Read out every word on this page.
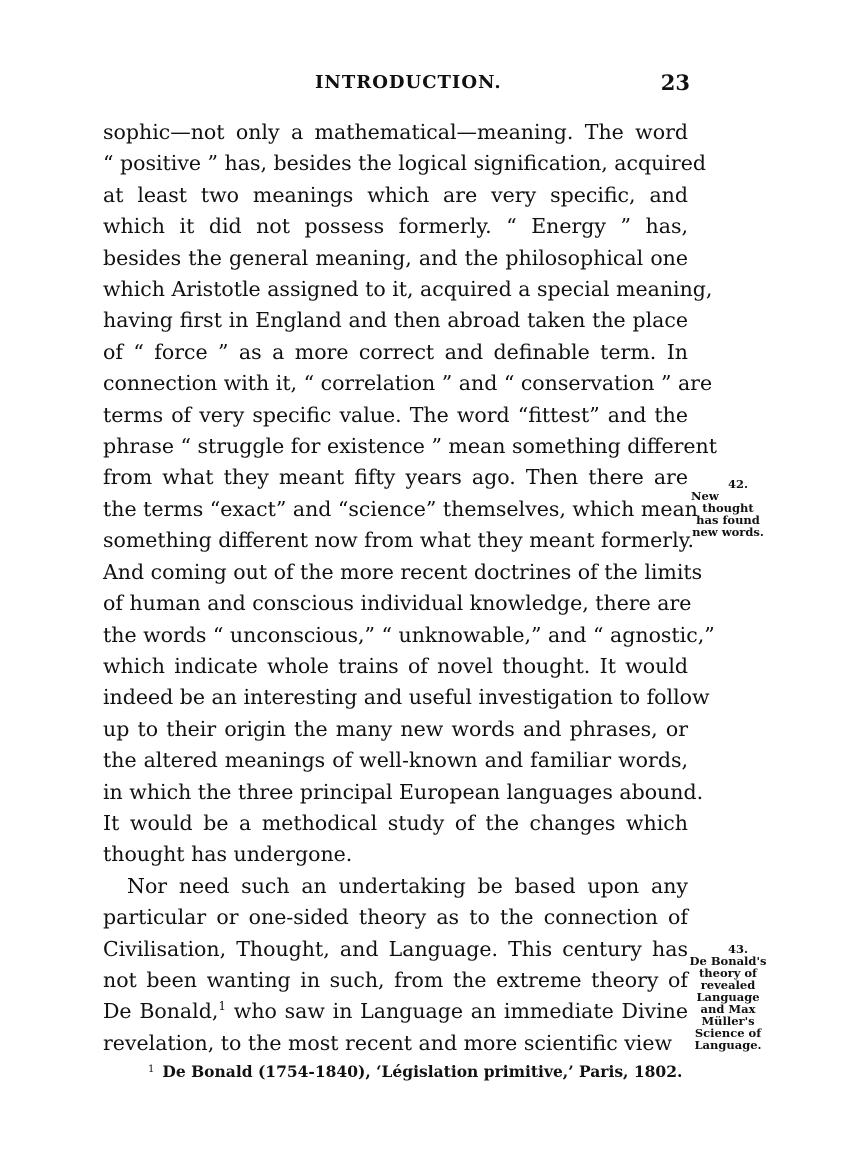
INTRODUCTION.	23
sophic—not only a mathematical—meaning. The word
“ positive ” has, besides the logical signification, acquired
at least two meanings which are very specific, and
which it did not possess formerly. “ Energy ” has,
besides the general meaning, and the philosophical one
which Aristotle assigned to it, acquired a special meaning,
having first in England and then abroad taken the place
of “ force ” as a more correct and definable term. In
connection with it, “ correlation ” and “ conservation ” are
terms of very specific value. The word “fittest” and the
phrase “ struggle for existence ” mean something different
from what they meant fifty years ago. Then there are
the terms “exact” and “science” themselves, which mean
something different now from what they meant formerly.
And coming out of the more recent doctrines of the limits
of human and conscious individual knowledge, there are
the words “ unconscious,” “ unknowable,” and “ agnostic,”
which indicate whole trains of novel thought. It would
indeed be an interesting and useful investigation to follow
up to their origin the many new words and phrases, or
the altered meanings of well-known and familiar words,
in which the three principal European languages abound.
It would be a methodical study of the changes which
thought has undergone.
Nor need such an undertaking be based upon any
particular or one-sided theory as to the connection of
Civilisation, Thought, and Language. This century has
not been wanting in such, from the extreme theory of
De Bonald,$^1$ who saw in Language an immediate Divine
revelation, to the most recent and more scientific view
42.
New
thought
has found
new words.
43.
De Bonald's
theory of
revealed
Language
and Max
Müller's
Science of
Language.
$^1$ De Bonald (1754-1840), ‘Législation primitive,’ Paris, 1802.
